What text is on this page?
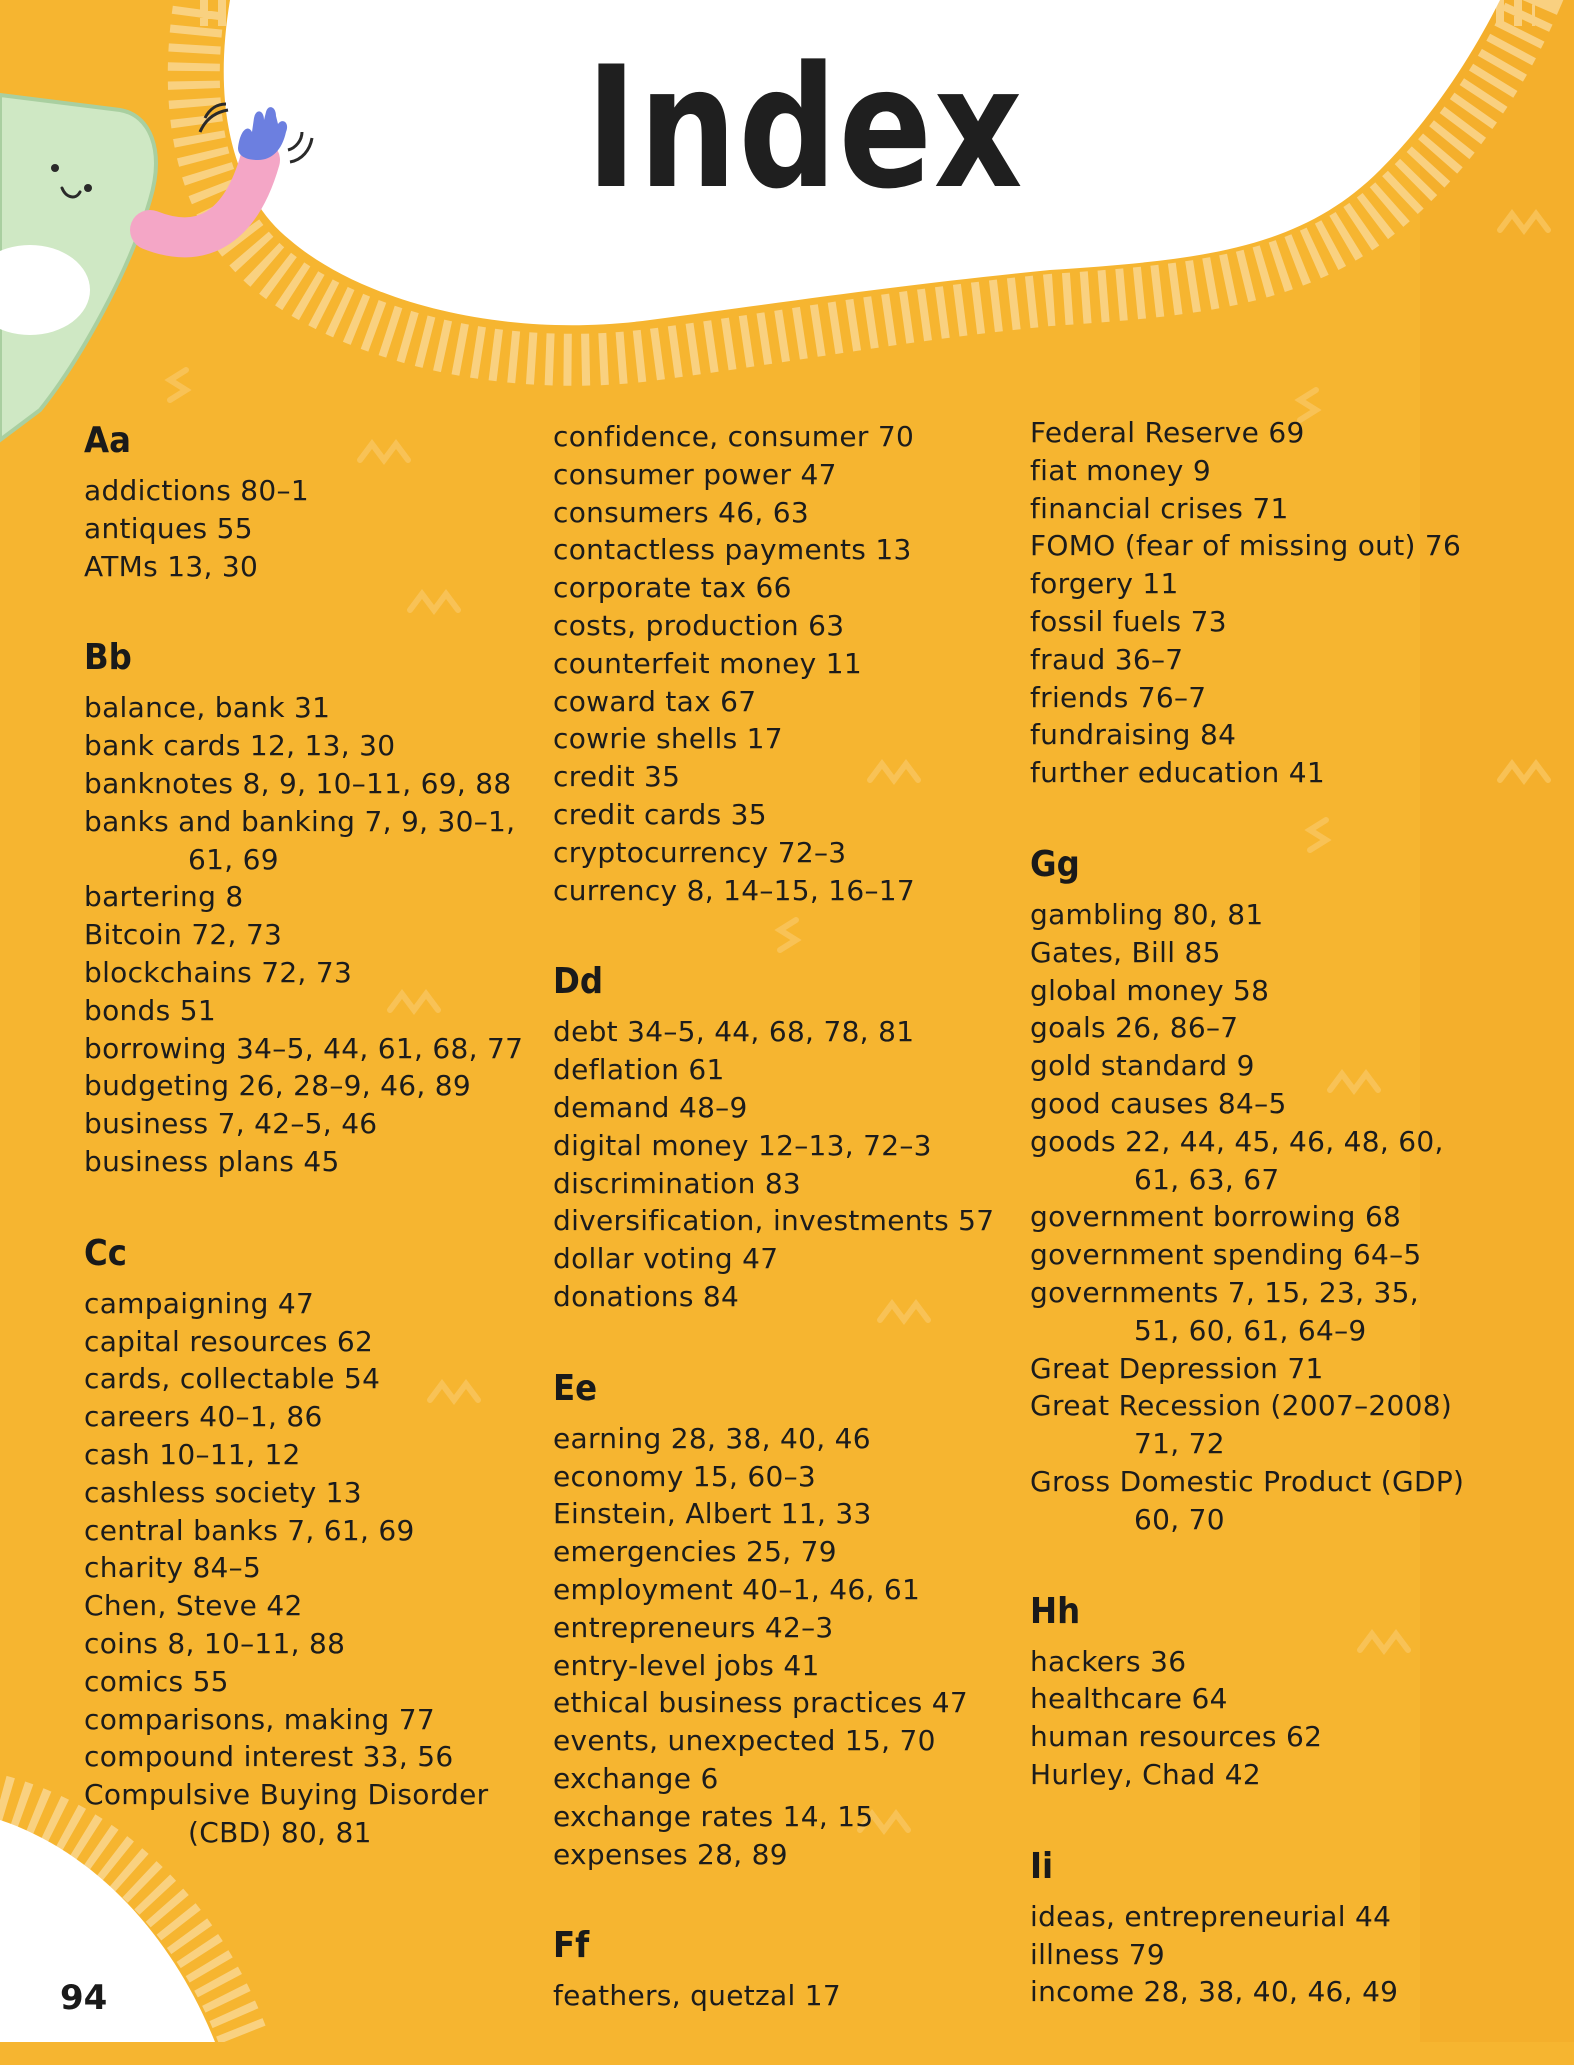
Index
Aa
addictions 80–1
antiques 55
ATMs 13, 30
Bb
balance, bank 31
bank cards 12, 13, 30
banknotes 8, 9, 10–11, 69, 88
banks and banking 7, 9, 30–1,
61, 69
bartering 8
Bitcoin 72, 73
blockchains 72, 73
bonds 51
borrowing 34–5, 44, 61, 68, 77
budgeting 26, 28–9, 46, 89
business 7, 42–5, 46
business plans 45
Cc
campaigning 47
capital resources 62
cards, collectable 54
careers 40–1, 86
cash 10–11, 12
cashless society 13
central banks 7, 61, 69
charity 84–5
Chen, Steve 42
coins 8, 10–11, 88
comics 55
comparisons, making 77
compound interest 33, 56
Compulsive Buying Disorder
(CBD) 80, 81
confidence, consumer 70
consumer power 47
consumers 46, 63
contactless payments 13
corporate tax 66
costs, production 63
counterfeit money 11
coward tax 67
cowrie shells 17
credit 35
credit cards 35
cryptocurrency 72–3
currency 8, 14–15, 16–17
Dd
debt 34–5, 44, 68, 78, 81
deflation 61
demand 48–9
digital money 12–13, 72–3
discrimination 83
diversification, investments 57
dollar voting 47
donations 84
Ee
earning 28, 38, 40, 46
economy 15, 60–3
Einstein, Albert 11, 33
emergencies 25, 79
employment 40–1, 46, 61
entrepreneurs 42–3
entry-level jobs 41
ethical business practices 47
events, unexpected 15, 70
exchange 6
exchange rates 14, 15
expenses 28, 89
Ff
feathers, quetzal 17
Federal Reserve 69
fiat money 9
financial crises 71
FOMO (fear of missing out) 76
forgery 11
fossil fuels 73
fraud 36–7
friends 76–7
fundraising 84
further education 41
Gg
gambling 80, 81
Gates, Bill 85
global money 58
goals 26, 86–7
gold standard 9
good causes 84–5
goods 22, 44, 45, 46, 48, 60,
61, 63, 67
government borrowing 68
government spending 64–5
governments 7, 15, 23, 35,
51, 60, 61, 64–9
Great Depression 71
Great Recession (2007–2008)
71, 72
Gross Domestic Product (GDP)
60, 70
Hh
hackers 36
healthcare 64
human resources 62
Hurley, Chad 42
Ii
ideas, entrepreneurial 44
illness 79
income 28, 38, 40, 46, 49
94
